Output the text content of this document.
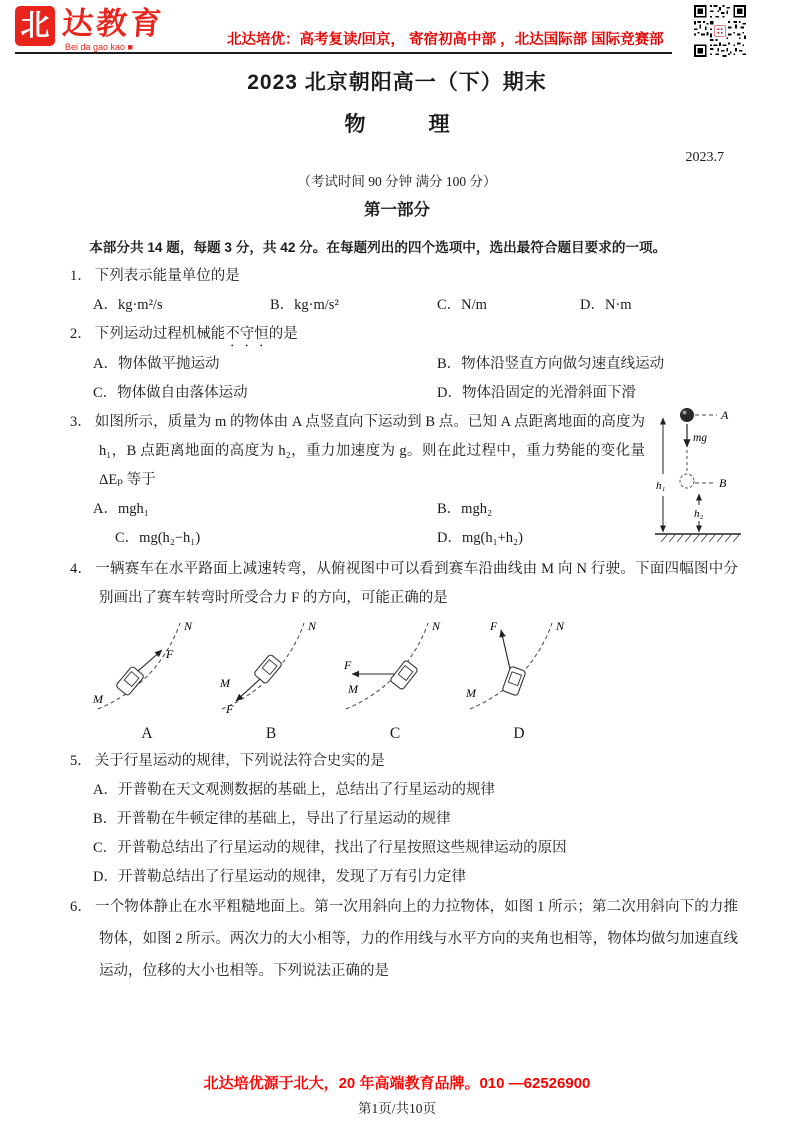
北 达教育
Bei da gao kao ■	北达培优：高考复读/回京， 寄宿初高中部 ，北达国际部 国际竞赛部
2023 北京朝阳高一（下）期末
物　　　理
2023.7
（考试时间 90 分钟 满分 100 分）
第一部分
本部分共 14 题，每题 3 分，共 42 分。在每题列出的四个选项中，选出最符合题目要求的一项。
1． 下列表示能量单位的是
A．kg·m²/s	B．kg·m/s²	C．N/m	D．N·m
2． 下列运动过程机械能不守恒的是
A．物体做平抛运动	B．物体沿竖直方向做匀速直线运动
C．物体做自由落体运动	D．物体沿固定的光滑斜面下滑
A
mg
B
h₁
h₂
3． 如图所示，质量为 m 的物体由 A 点竖直向下运动到 B 点。已知 A 点距离地面的高度为 h₁，B 点距离地面的高度为 h₂，重力加速度为 g。则在此过程中，重力势能的变化量 ΔEₚ 等于
A．mgh₁	B．mgh₂
C．mg(h₂−h₁)	D．mg(h₁+h₂)
4． 一辆赛车在水平路面上减速转弯，从俯视图中可以看到赛车沿曲线由 M 向 N 行驶。下面四幅图中分别画出了赛车转弯时所受合力 F 的方向，可能正确的是
M
N
F
A
M
N
F
B
M
N
F
C
M
N
F
D
5． 关于行星运动的规律，下列说法符合史实的是
A．开普勒在天文观测数据的基础上，总结出了行星运动的规律
B．开普勒在牛顿定律的基础上，导出了行星运动的规律
C．开普勒总结出了行星运动的规律，找出了行星按照这些规律运动的原因
D．开普勒总结出了行星运动的规律，发现了万有引力定律
6． 一个物体静止在水平粗糙地面上。第一次用斜向上的力拉物体，如图 1 所示；第二次用斜向下的力推物体，如图 2 所示。两次力的大小相等，力的作用线与水平方向的夹角也相等，物体均做匀加速直线运动，位移的大小也相等。下列说法正确的是
北达培优源于北大，20 年高端教育品牌。010 —62526900
第1页/共10页
